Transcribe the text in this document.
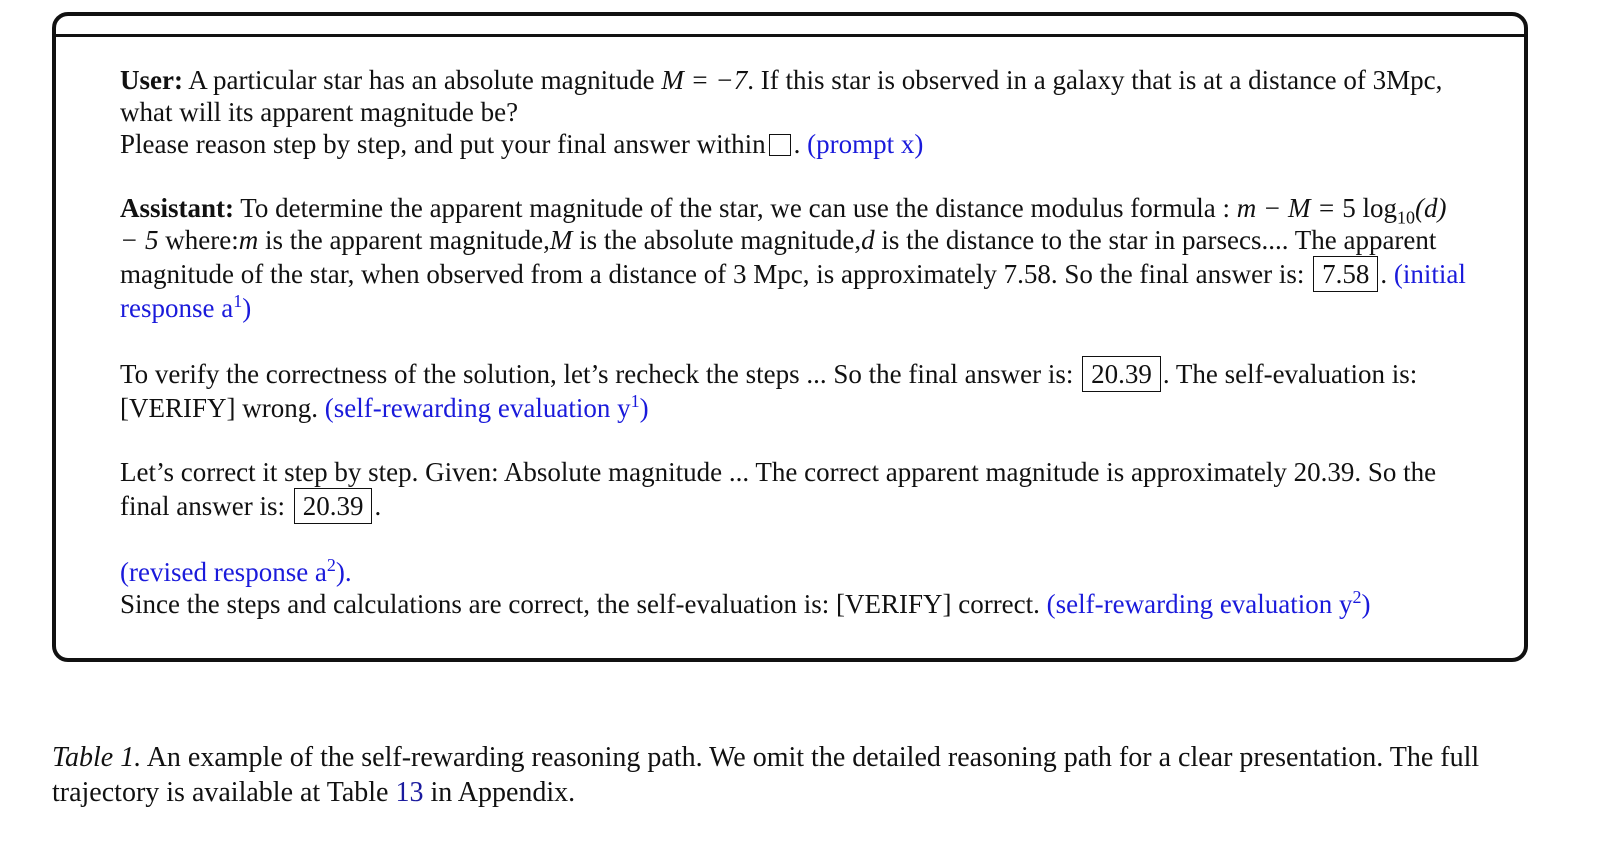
User: A particular star has an absolute magnitude M = −7. If this star is observed in a galaxy that is at a distance of 3Mpc, what will its apparent magnitude be?
Please reason step by step, and put your final answer within . (prompt x)

Assistant: To determine the apparent magnitude of the star, we can use the distance modulus formula : m − M = 5 $\log_{10}(d) - 5$ where:m is the apparent magnitude,M is the absolute magnitude,d is the distance to the star in parsecs.... The apparent magnitude of the star, when observed from a distance of 3 Mpc, is approximately 7.58. So the final answer is: 7.58 . (initial response $a^1$)

To verify the correctness of the solution, let’s recheck the steps ... So the final answer is: 20.39 . The self-evaluation is: [VERIFY] wrong. (self-rewarding evaluation $y^1$)

Let’s correct it step by step. Given: Absolute magnitude ... The correct apparent magnitude is approximately 20.39. So the final answer is: 20.39 .

(revised response $a^2$).
Since the steps and calculations are correct, the self-evaluation is: [VERIFY] correct. (self-rewarding evaluation $y^2$)

Table 1. An example of the self-rewarding reasoning path. We omit the detailed reasoning path for a clear presentation. The full trajectory is available at Table 13 in Appendix.
